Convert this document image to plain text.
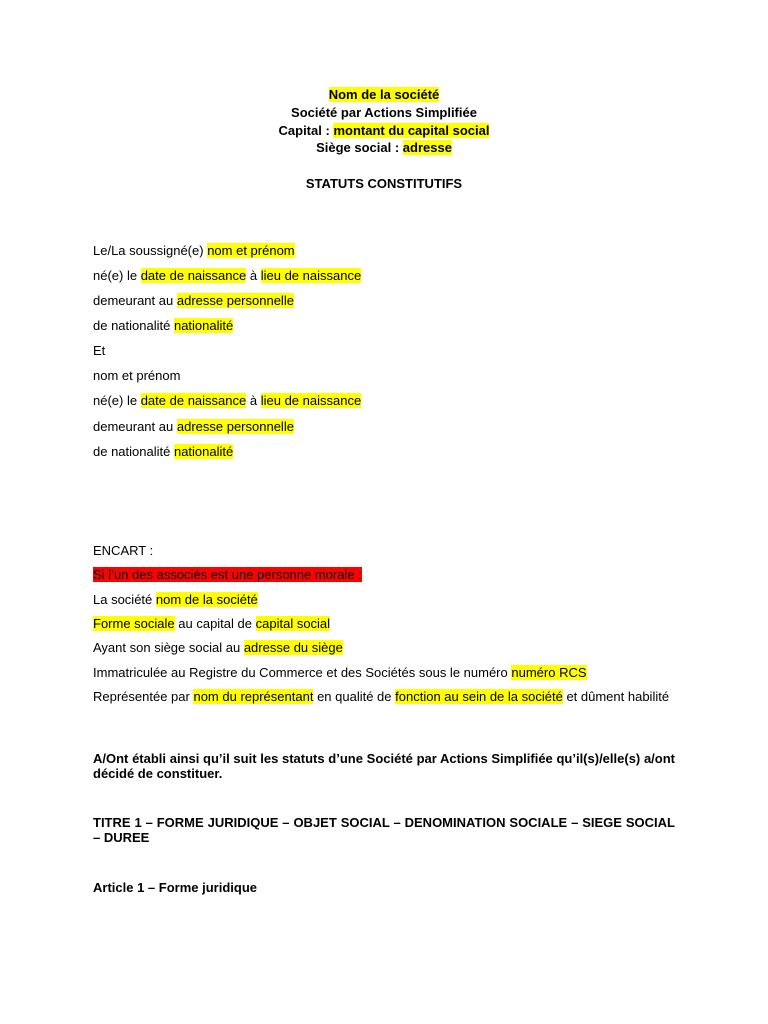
Nom de la société
Société par Actions Simplifiée
Capital : montant du capital social
Siège social : adresse
STATUTS CONSTITUTIFS
Le/La soussigné(e) nom et prénom
né(e) le date de naissance à lieu de naissance
demeurant au adresse personnelle
de nationalité nationalité
Et
nom et prénom
né(e) le date de naissance à lieu de naissance
demeurant au adresse personnelle
de nationalité nationalité
ENCART :
Si l’un des associés est une personne morale :
La société nom de la société
Forme sociale au capital de capital social
Ayant son siège social au adresse du siège
Immatriculée au Registre du Commerce et des Sociétés sous le numéro numéro RCS
Représentée par nom du représentant en qualité de fonction au sein de la société et dûment habilité
A/Ont établi ainsi qu’il suit les statuts d’une Société par Actions Simplifiée qu’il(s)/elle(s) a/ont décidé de constituer.
TITRE 1 – FORME JURIDIQUE – OBJET SOCIAL – DENOMINATION SOCIALE – SIEGE SOCIAL – DUREE
Article 1 – Forme juridique
